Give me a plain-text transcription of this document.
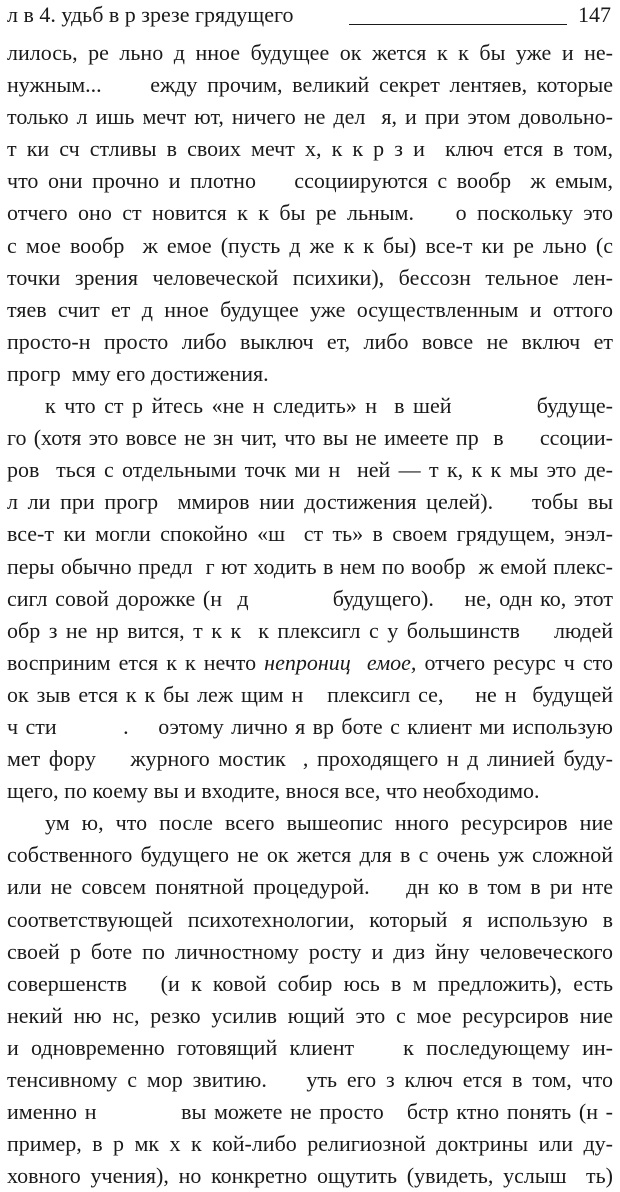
л в 4. удьб в р зрезе грядущего	147
лилось, ре льно д нное будущее ок жется к к бы уже и не-
нужным...     ежду прочим, великий секрет лентяев, которые
только л ишь мечт ют, ничего не дел  я, и при этом довольно-
т ки сч стливы в своих мечт х, к к р з и  ключ ется в том,
что они прочно и плотно    ссоциируются с вообр  ж емым,
отчего оно ст новится к к бы ре льным.    о поскольку это
с мое вообр  ж емое (пусть д же к к бы) все-т ки ре льно (с
точки зрения человеческой психики), бессозн тельное лен-
тяев счит ет д нное будущее уже осуществленным и оттого
просто-н просто либо выключ ет, либо вовсе не включ ет
прогр  мму его достижения.
к что ст р йтесь «не н следить» н  в шей          будуще-
го (хотя это вовсе не зн чит, что вы не имеете пр  в     ссоции-
ров  ться с отдельными точк ми н  ней — т к, к к мы это де-
л ли при прогр  ммиров нии достижения целей).    тобы вы
все-т ки могли спокойно «ш  ст ть» в своем грядущем, энэл-
перы обычно предл  г ют ходить в нем по вообр  ж емой плекс-
сигл совой дорожке (н  д           будущего).    не, одн ко, этот
обр з не нр вится, т к к  к плексигл с у большинств    людей
восприним ется к к нечто непрониц  емое, отчего ресурс ч сто
ок зыв ется к к бы леж щим н   плексигл се,    не н  будущей
ч сти         .    оэтому лично я вр боте с клиент ми использую
мет фору    журного мостик  , проходящего н д линией буду-
щего, по коему вы и входите, внося все, что необходимо.
ум ю, что после всего вышеопис нного ресурсиров ние
собственного будущего не ок жется для в с очень уж сложной
или не совсем понятной процедурой.    дн ко в том в ри нте
соответствующей психотехнологии, который я использую в
своей р боте по личностному росту и диз йну человеческого
совершенств   (и к ковой собир юсь в м предложить), есть
некий ню нс, резко усилив ющий это с мое ресурсиров ние
и одновременно готовящий клиент    к последующему ин-
тенсивному с мор звитию.    уть его з ключ ется в том, что
именно н           вы можете не просто   бстр ктно понять (н -
пример, в р мк х к кой-либо религиозной доктрины или ду-
ховного учения), но конкретно ощутить (увидеть, услыш  ть)
